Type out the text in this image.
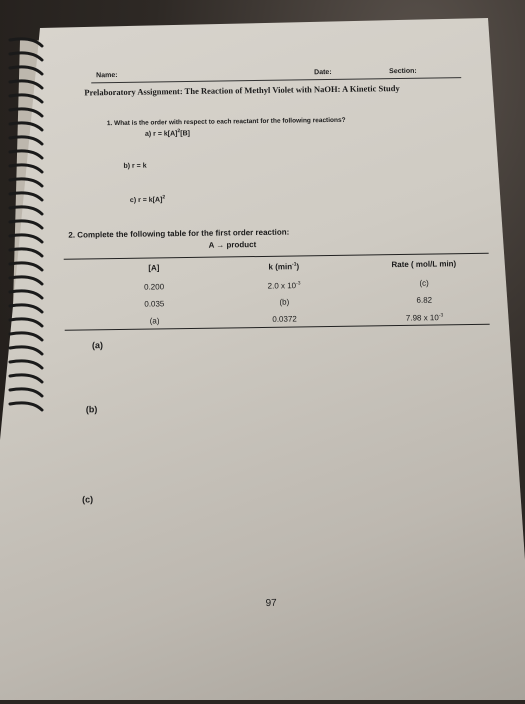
Name:	Date:	Section:
Prelaboratory Assignment: The Reaction of Methyl Violet with NaOH: A Kinetic Study
1. What is the order with respect to each reactant for the following reactions?
a) $r = k[A]^2[B]$
b) r = k
c) $r = k[A]^2$
2. Complete the following table for the first order reaction:
A → product
[A]	k $(\min^{-1})$	Rate ( mol/L min)
0.200	2.0 x $10^{-3}$	(c)
0.035	(b)	6.82
(a)	0.0372	7.98 x $10^{-3}$
(a)
(b)
(c)
97
